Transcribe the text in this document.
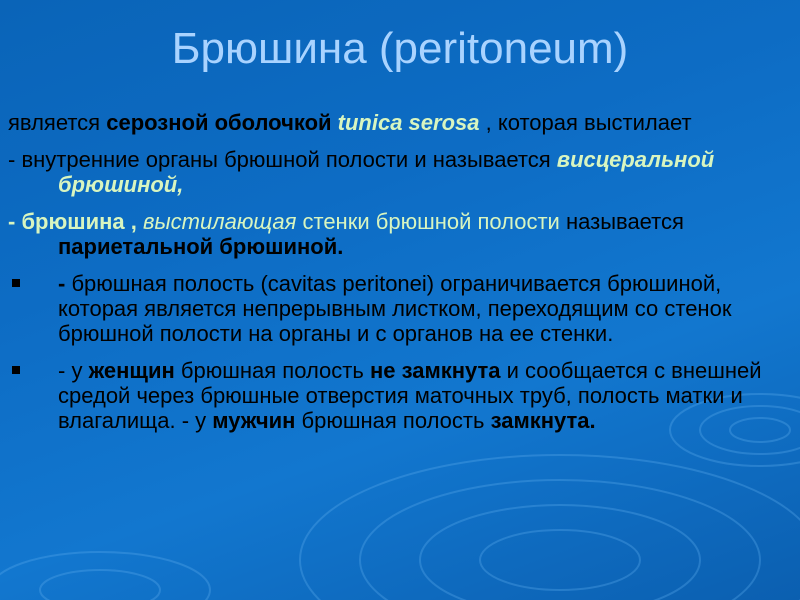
Брюшина (peritoneum)

является серозной оболочкой tunica serosa , которая выстилает

- внутренние органы брюшной полости и называется висцеральной брюшиной,

- брюшина , выстилающая стенки брюшной полости называется париетальной брюшиной.

- брюшная полость (cavitas peritonei) ограничивается брюшиной, которая является непрерывным листком, переходящим со стенок брюшной полости на органы и с органов на ее стенки.

- у женщин брюшная полость не замкнута и сообщается с внешней средой через брюшные отверстия маточных труб, полость матки и влагалища. - у мужчин брюшная полость замкнута.
